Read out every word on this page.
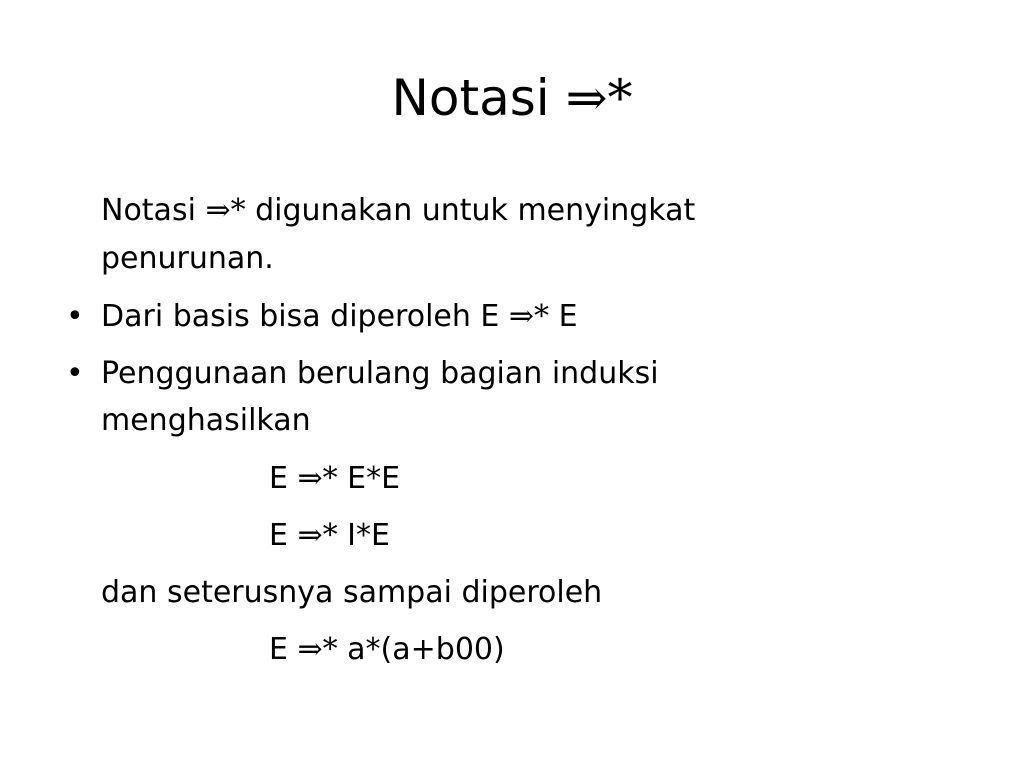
Notasi ⇒*
Notasi ⇒* digunakan untuk menyingkat
penurunan.
• Dari basis bisa diperoleh E ⇒* E
• Penggunaan berulang bagian induksi
menghasilkan
E ⇒* E*E
E ⇒* I*E
dan seterusnya sampai diperoleh
E ⇒* a*(a+b00)
